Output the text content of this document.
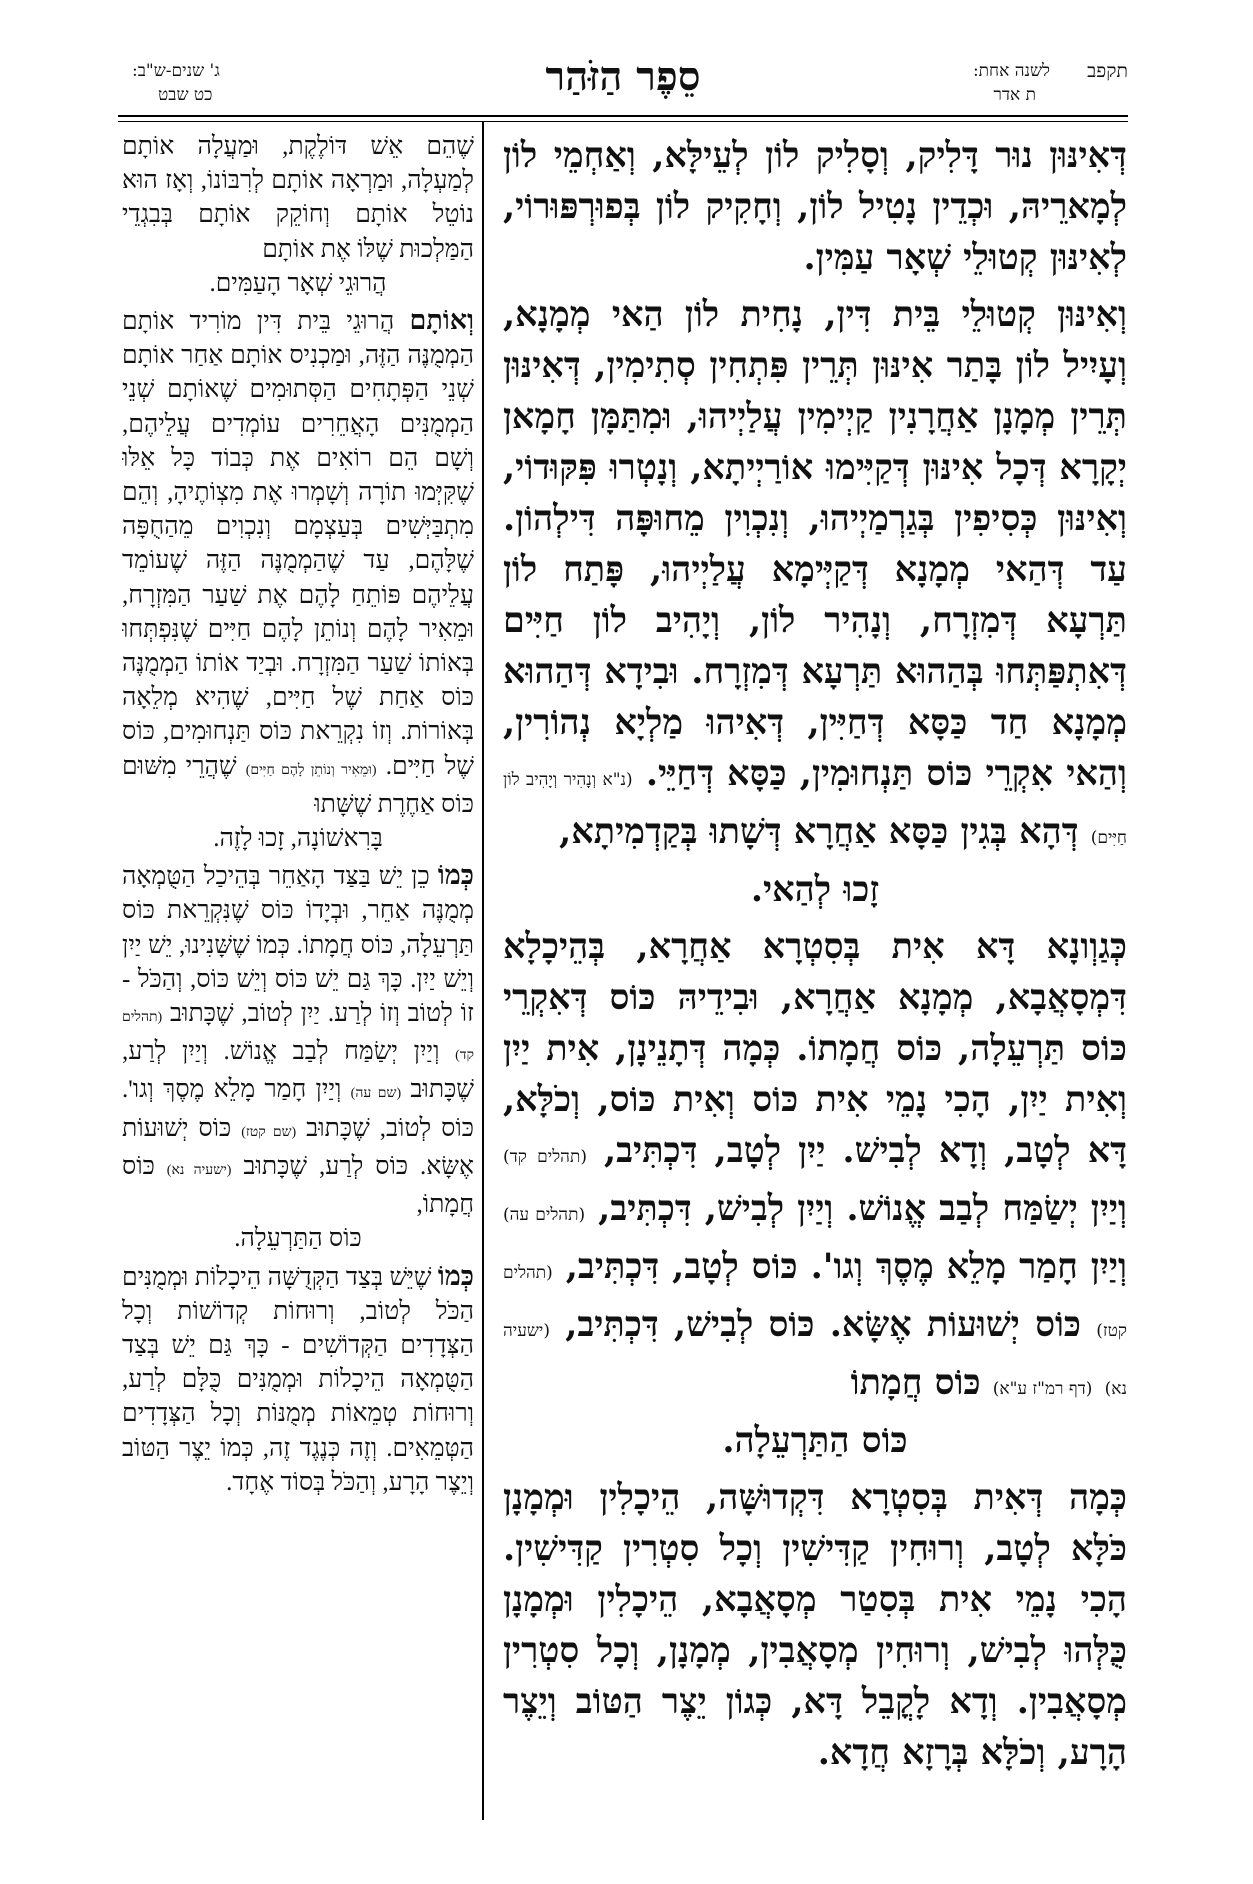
תקפב
לשנה אחת:
ת אדר
סֵפֶר הַזֹּהַר
ג' שנים-ש"ב:
כט שבט

דְּאִינּוּן נוּר דָּלִיק, וְסָלִיק לוֹן לְעֵילָּא, וְאַחְמֵי לוֹן לְמָארֵיהּ, וּכְדֵין נָטִיל לוֹן, וְחָקִיק לוֹן בְּפוּרְפּוּרוֹי, לְאִינּוּן קְטוּלֵי שְׁאָר עַמִּין.

וְאִינּוּן קְטוּלֵי בֵּית דִּין, נָחִית לוֹן הַאי מְמָנָא, וְעָיִיל לוֹן בָּתַר אִינּוּן תְּרֵין פִּתְחִין סְתִימִין, דְּאִינּוּן תְּרֵין מְמָנָן אַחֲרָנִין קַיְימִין עֲלַיְיהוּ, וּמִתַּמָּן חָמָאן יְקָרָא דְּכָל אִינּוּן דְּקַיִּימוּ אוֹרַיְיתָא, וְנָטְרוּ פִּקּוּדוֹי, וְאִינּוּן כְּסִיפִין בְּגַרְמַיְיהוּ, וְנִכְוִין מֵחוּפָּה דִּילְהוֹן. עַד דְּהַאי מְמָנָא דְּקַיְּימָא עֲלַיְיהוּ, פָּתַח לוֹן תַּרְעָא דְּמִזְרָח, וְנָהִיר לוֹן, וְיָהִיב לוֹן חַיִּים דְּאִתְפַּתְּחוּ בְּהַהוּא תַּרְעָא דְּמִזְרָח. וּבִידָא דְּהַהוּא מְמָנָא חַד כַּסָּא דְּחַיִּין, דְּאִיהוּ מַלְיָא נְהוֹרִין, וְהַאי אִקְרֵי כּוֹס תַּנְחוּמִין, כַּסָּא דְּחַיֵּי. (נ"א וְנָהִיר וְיָהִיב לוֹן חַיִּים) דְּהָא בְּגִין כַּסָּא אַחֲרָא דְּשָׁתוּ בְּקַדְמִיתָא,
זָכוּ לְהַאי.

כְּגַוְונָא דָּא אִית בְּסִטְרָא אַחֲרָא, בְּהֵיכָלָא דִּמְסָאֲבָא, מְמָנָא אַחֲרָא, וּבִידֵיהּ כּוֹס דְּאִקְרֵי כּוֹס תַּרְעֵלָה, כּוֹס חֲמָתוֹ. כְּמָה דְּתָנֵינָן, אִית יַיִן וְאִית יַיִן, הָכִי נָמֵי אִית כּוֹס וְאִית כּוֹס, וְכֹלָּא, דָּא לְטָב, וְדָא לְבִישׁ. יַיִן לְטָב, דִּכְתִּיב, (תהלים קד) וְיַיִן יְשַׂמַּח לְבַב אֱנוֹשׁ. וְיַיִן לְבִישׁ, דִּכְתִּיב, (תהלים עה) וְיַיִן חָמַר מָלֵא מֶסֶךְ וְגו'. כּוֹס לְטָב, דִּכְתִּיב, (תהלים קטז) כּוֹס יְשׁוּעוֹת אֶשָּׂא. כּוֹס לְבִישׁ, דִּכְתִּיב, (ישעיה נא) (דף רמ"ז ע"א) כּוֹס חֲמָתוֹ
כּוֹס הַתַּרְעֵלָה.

כְּמָה דְּאִית בְּסִטְרָא דִּקְדוּשָּׁה, הֵיכָלִין וּמְמָנָן כֹּלָּא לְטָב, וְרוּחִין קַדִּישִׁין וְכָל סִטְרִין קַדִּישִׁין. הָכִי נָמֵי אִית בְּסִטַר מְסָאֲבָא, הֵיכָלִין וּמְמָנָן כֻּלְּהוּ לְבִישׁ, וְרוּחִין מְסָאֲבִין, מְמָנָן, וְכָל סִטְרִין מְסָאֲבִין. וְדָא לָקֳבֵל דָּא, כְּגוֹן יֵצֶר הַטּוֹב וְיֵצֶר הָרָע, וְכֹלָּא בְּרָזָא חֲדָא.

שֶׁהֵם אֵשׁ דּוֹלֶקֶת, וּמַעֲלָה אוֹתָם לְמַעְלָה, וּמַרְאָה אוֹתָם לְרִבּוֹנוֹ, וְאָז הוּא נוֹטֵל אוֹתָם וְחוֹקֵק אוֹתָם בְּבִגְדֵי הַמַּלְכוּת שֶׁלּוֹ אֶת אוֹתָם
הֲרוּגֵי שְׁאָר הָעַמִּים.

וְאוֹתָם הֲרוּגֵי בֵּית דִּין מוֹרִיד אוֹתָם הַמְמֻנֶּה הַזֶּה, וּמַכְנִיס אוֹתָם אַחַר אוֹתָם שְׁנֵי הַפְּתָחִים הַסְּתוּמִים שֶׁאוֹתָם שְׁנֵי הַמְמֻנִּים הָאֲחֵרִים עוֹמְדִים עֲלֵיהֶם, וְשָׁם הֵם רוֹאִים אֶת כְּבוֹד כָּל אֵלּוּ שֶׁקִּיְּמוּ תוֹרָה וְשָׁמְרוּ אֶת מִצְוֹתֶיהָ, וְהֵם מִתְבַּיְּשִׁים בְּעַצְמָם וְנִכְוִים מֵהַחֻפָּה שֶׁלָּהֶם, עַד שֶׁהַמְמֻנֶּה הַזֶּה שֶׁעוֹמֵד עֲלֵיהֶם פּוֹתֵחַ לָהֶם אֶת שַׁעַר הַמִּזְרָח, וּמֵאִיר לָהֶם וְנוֹתֵן לָהֶם חַיִּים שֶׁנִּפְתְּחוּ בְּאוֹתוֹ שַׁעַר הַמִּזְרָח. וּבְיַד אוֹתוֹ הַמְמֻנֶּה כּוֹס אַחַת שֶׁל חַיִּים, שֶׁהִיא מְלֵאָה בְּאוֹרוֹת. וְזוֹ נִקְרֵאת כּוֹס תַּנְחוּמִים, כּוֹס שֶׁל חַיִּים. (וּמֵאִיר וְנוֹתֵן לָהֶם חַיִּים) שֶׁהֲרֵי מִשּׁוּם כּוֹס אַחֶרֶת שֶׁשָּׁתוּ
בָּרִאשׁוֹנָה, זָכוּ לָזֶה.

כְּמוֹ כֵן יֵשׁ בַּצַּד הָאַחֵר בְּהֵיכַל הַטֻּמְאָה מְמֻנֶּה אַחֵר, וּבְיָדוֹ כּוֹס שֶׁנִּקְרֵאת כּוֹס תַּרְעֵלָה, כּוֹס חֲמָתוֹ. כְּמוֹ שֶׁשָּׁנִינוּ, יֵשׁ יַיִן וְיֵשׁ יַיִן. כָּךְ גַּם יֵשׁ כּוֹס וְיֵשׁ כּוֹס, וְהַכֹּל - זוֹ לְטוֹב וְזוֹ לְרַע. יַיִן לְטוֹב, שֶׁכָּתוּב (תהלים קד) וְיַיִן יְשַׂמַּח לְבַב אֱנוֹשׁ. וְיַיִן לְרַע, שֶׁכָּתוּב (שם עה) וְיַיִן חָמַר מָלֵא מֶסֶךְ וְגו'. כּוֹס לְטוֹב, שֶׁכָּתוּב (שם קטז) כּוֹס יְשׁוּעוֹת אֶשָּׂא. כּוֹס לְרַע, שֶׁכָּתוּב (ישעיה נא) כּוֹס חֲמָתוֹ,
כּוֹס הַתַּרְעֵלָה.

כְּמוֹ שֶׁיֵּשׁ בְּצַד הַקְּדֻשָּׁה הֵיכָלוֹת וּמְמֻנִּים הַכֹּל לְטוֹב, וְרוּחוֹת קְדוֹשׁוֹת וְכָל הַצְּדָדִים הַקְּדוֹשִׁים - כָּךְ גַּם יֵשׁ בְּצַד הַטֻּמְאָה הֵיכָלוֹת וּמְמֻנִּים כֻּלָּם לְרַע, וְרוּחוֹת טְמֵאוֹת מְמֻנּוֹת וְכָל הַצְּדָדִים הַטְּמֵאִים. וְזֶה כְּנֶגֶד זֶה, כְּמוֹ יֵצֶר הַטּוֹב וְיֵצֶר הָרָע, וְהַכֹּל בְּסוֹד אֶחָד.
